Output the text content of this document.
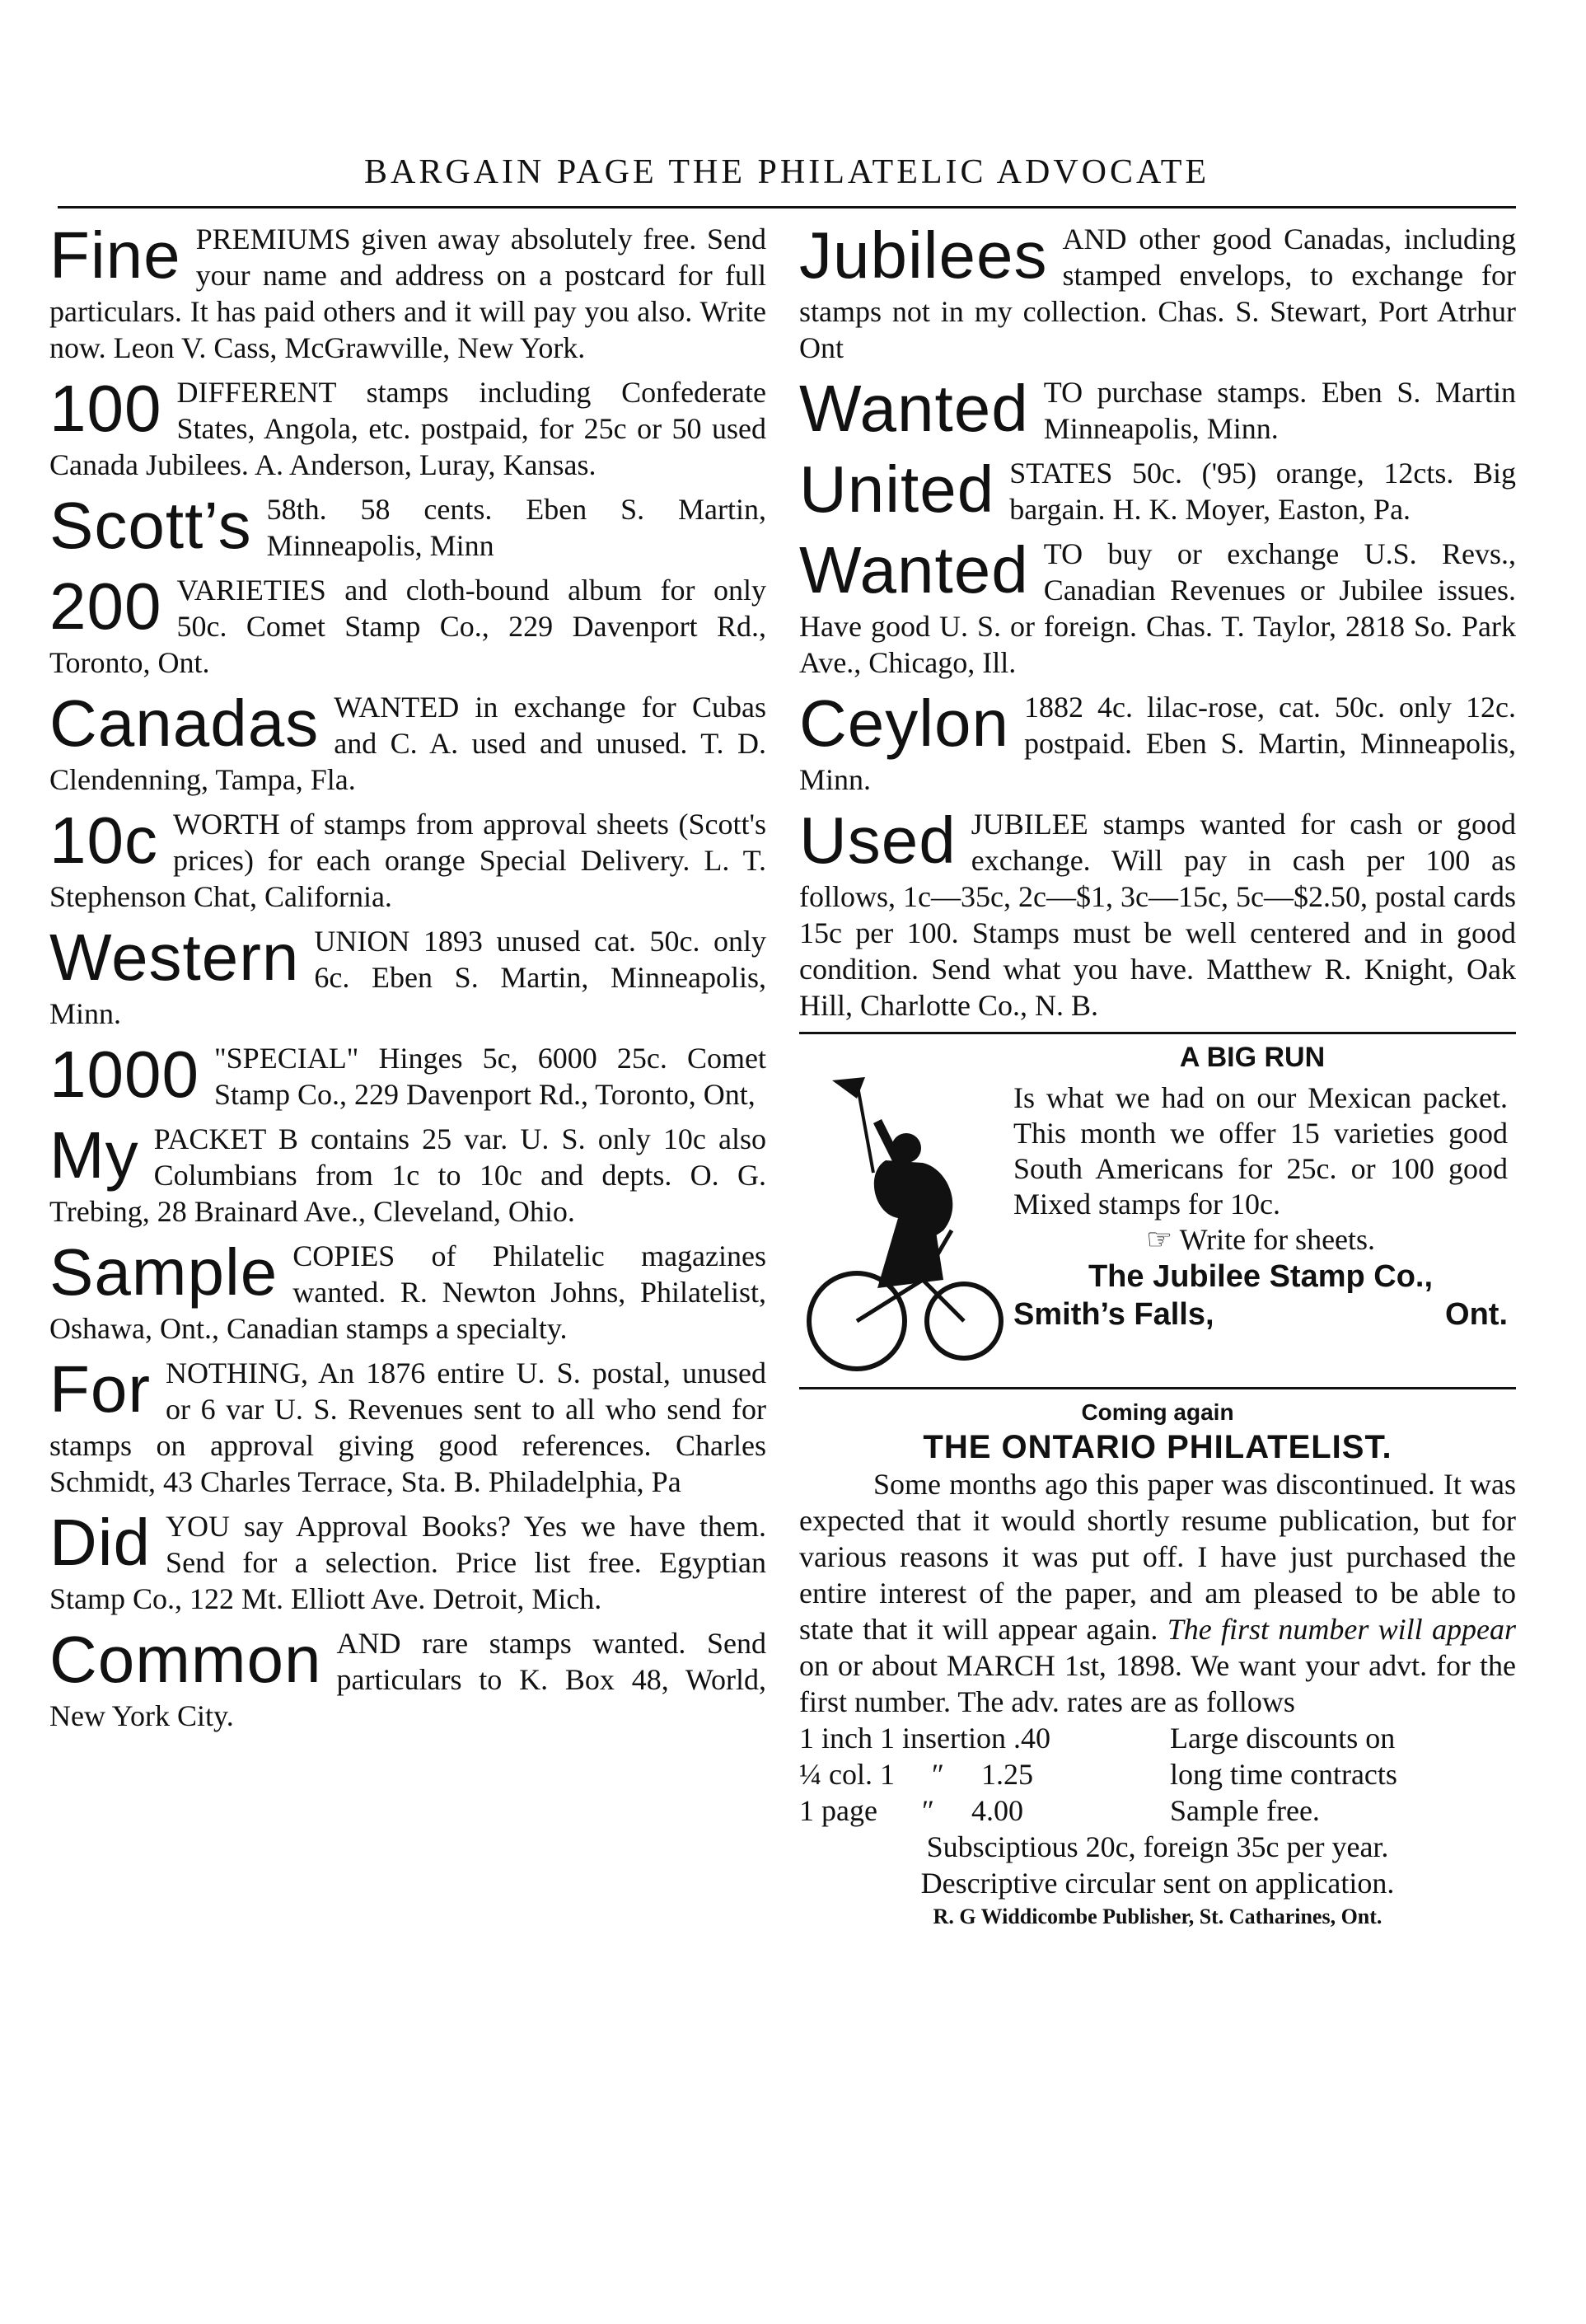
BARGAIN PAGE THE PHILATELIC ADVOCATE
Fine PREMIUMS given away absolutely free. Send your name and address on a postcard for full particulars. It has paid others and it will pay you also. Write now. Leon V. Cass, McGrawville, New York.
100 DIFFERENT stamps including Confederate States, Angola, etc. postpaid, for 25c or 50 used Canada Jubilees. A. Anderson, Luray, Kansas.
Scott’s 58th. 58 cents. Eben S. Martin, Minneapolis, Minn
200 VARIETIES and cloth-bound album for only 50c. Comet Stamp Co., 229 Davenport Rd., Toronto, Ont.
Canadas WANTED in exchange for Cubas and C. A. used and unused. T. D. Clendenning, Tampa, Fla.
10c WORTH of stamps from approval sheets (Scott's prices) for each orange Special Delivery. L. T. Stephenson Chat, California.
Western UNION 1893 unused cat. 50c. only 6c. Eben S. Martin, Minneapolis, Minn.
1000 "SPECIAL" Hinges 5c, 6000 25c. Comet Stamp Co., 229 Davenport Rd., Toronto, Ont,
My PACKET B contains 25 var. U. S. only 10c also Columbians from 1c to 10c and depts. O. G. Trebing, 28 Brainard Ave., Cleveland, Ohio.
Sample COPIES of Philatelic magazines wanted. R. Newton Johns, Philatelist, Oshawa, Ont., Canadian stamps a specialty.
For NOTHING, An 1876 entire U. S. postal, unused or 6 var U. S. Revenues sent to all who send for stamps on approval giving good references. Charles Schmidt, 43 Charles Terrace, Sta. B. Philadelphia, Pa
Did YOU say Approval Books? Yes we have them. Send for a selection. Price list free. Egyptian Stamp Co., 122 Mt. Elliott Ave. Detroit, Mich.
Common AND rare stamps wanted. Send particulars to K. Box 48, World, New York City.
Jubilees AND other good Canadas, including stamped envelops, to exchange for stamps not in my collection. Chas. S. Stewart, Port Atrhur Ont
Wanted TO purchase stamps. Eben S. Martin Minneapolis, Minn.
United STATES 50c. ('95) orange, 12cts. Big bargain. H. K. Moyer, Easton, Pa.
Wanted TO buy or exchange U.S. Revs., Canadian Revenues or Jubilee issues. Have good U. S. or foreign. Chas. T. Taylor, 2818 So. Park Ave., Chicago, Ill.
Ceylon 1882 4c. lilac-rose, cat. 50c. only 12c. postpaid. Eben S. Martin, Minneapolis, Minn.
Used JUBILEE stamps wanted for cash or good exchange. Will pay in cash per 100 as follows, 1c—35c, 2c—$1, 3c—15c, 5c—$2.50, postal cards 15c per 100. Stamps must be well centered and in good condition. Send what you have. Matthew R. Knight, Oak Hill, Charlotte Co., N. B.
A BIG RUN
Is what we had on our Mexican packet. This month we offer 15 varieties good South Americans for 25c. or 100 good Mixed stamps for 10c.
☞ Write for sheets.
The Jubilee Stamp Co.,
Smith’s Falls,	Ont.
Coming again
THE ONTARIO PHILATELIST.
Some months ago this paper was discontinued. It was expected that it would shortly resume publication, but for various reasons it was put off. I have just purchased the entire interest of the paper, and am pleased to be able to state that it will appear again. The first number will appear on or about MARCH 1st, 1898. We want your advt. for the first number. The adv. rates are as follows
1 inch 1 insertion .40	Large discounts on
¼ col. 1     ″     1.25	long time contracts
1 page      ″     4.00	Sample free.
Subsciptious 20c, foreign 35c per year.
Descriptive circular sent on application.
R. G Widdicombe Publisher, St. Catharines, Ont.
